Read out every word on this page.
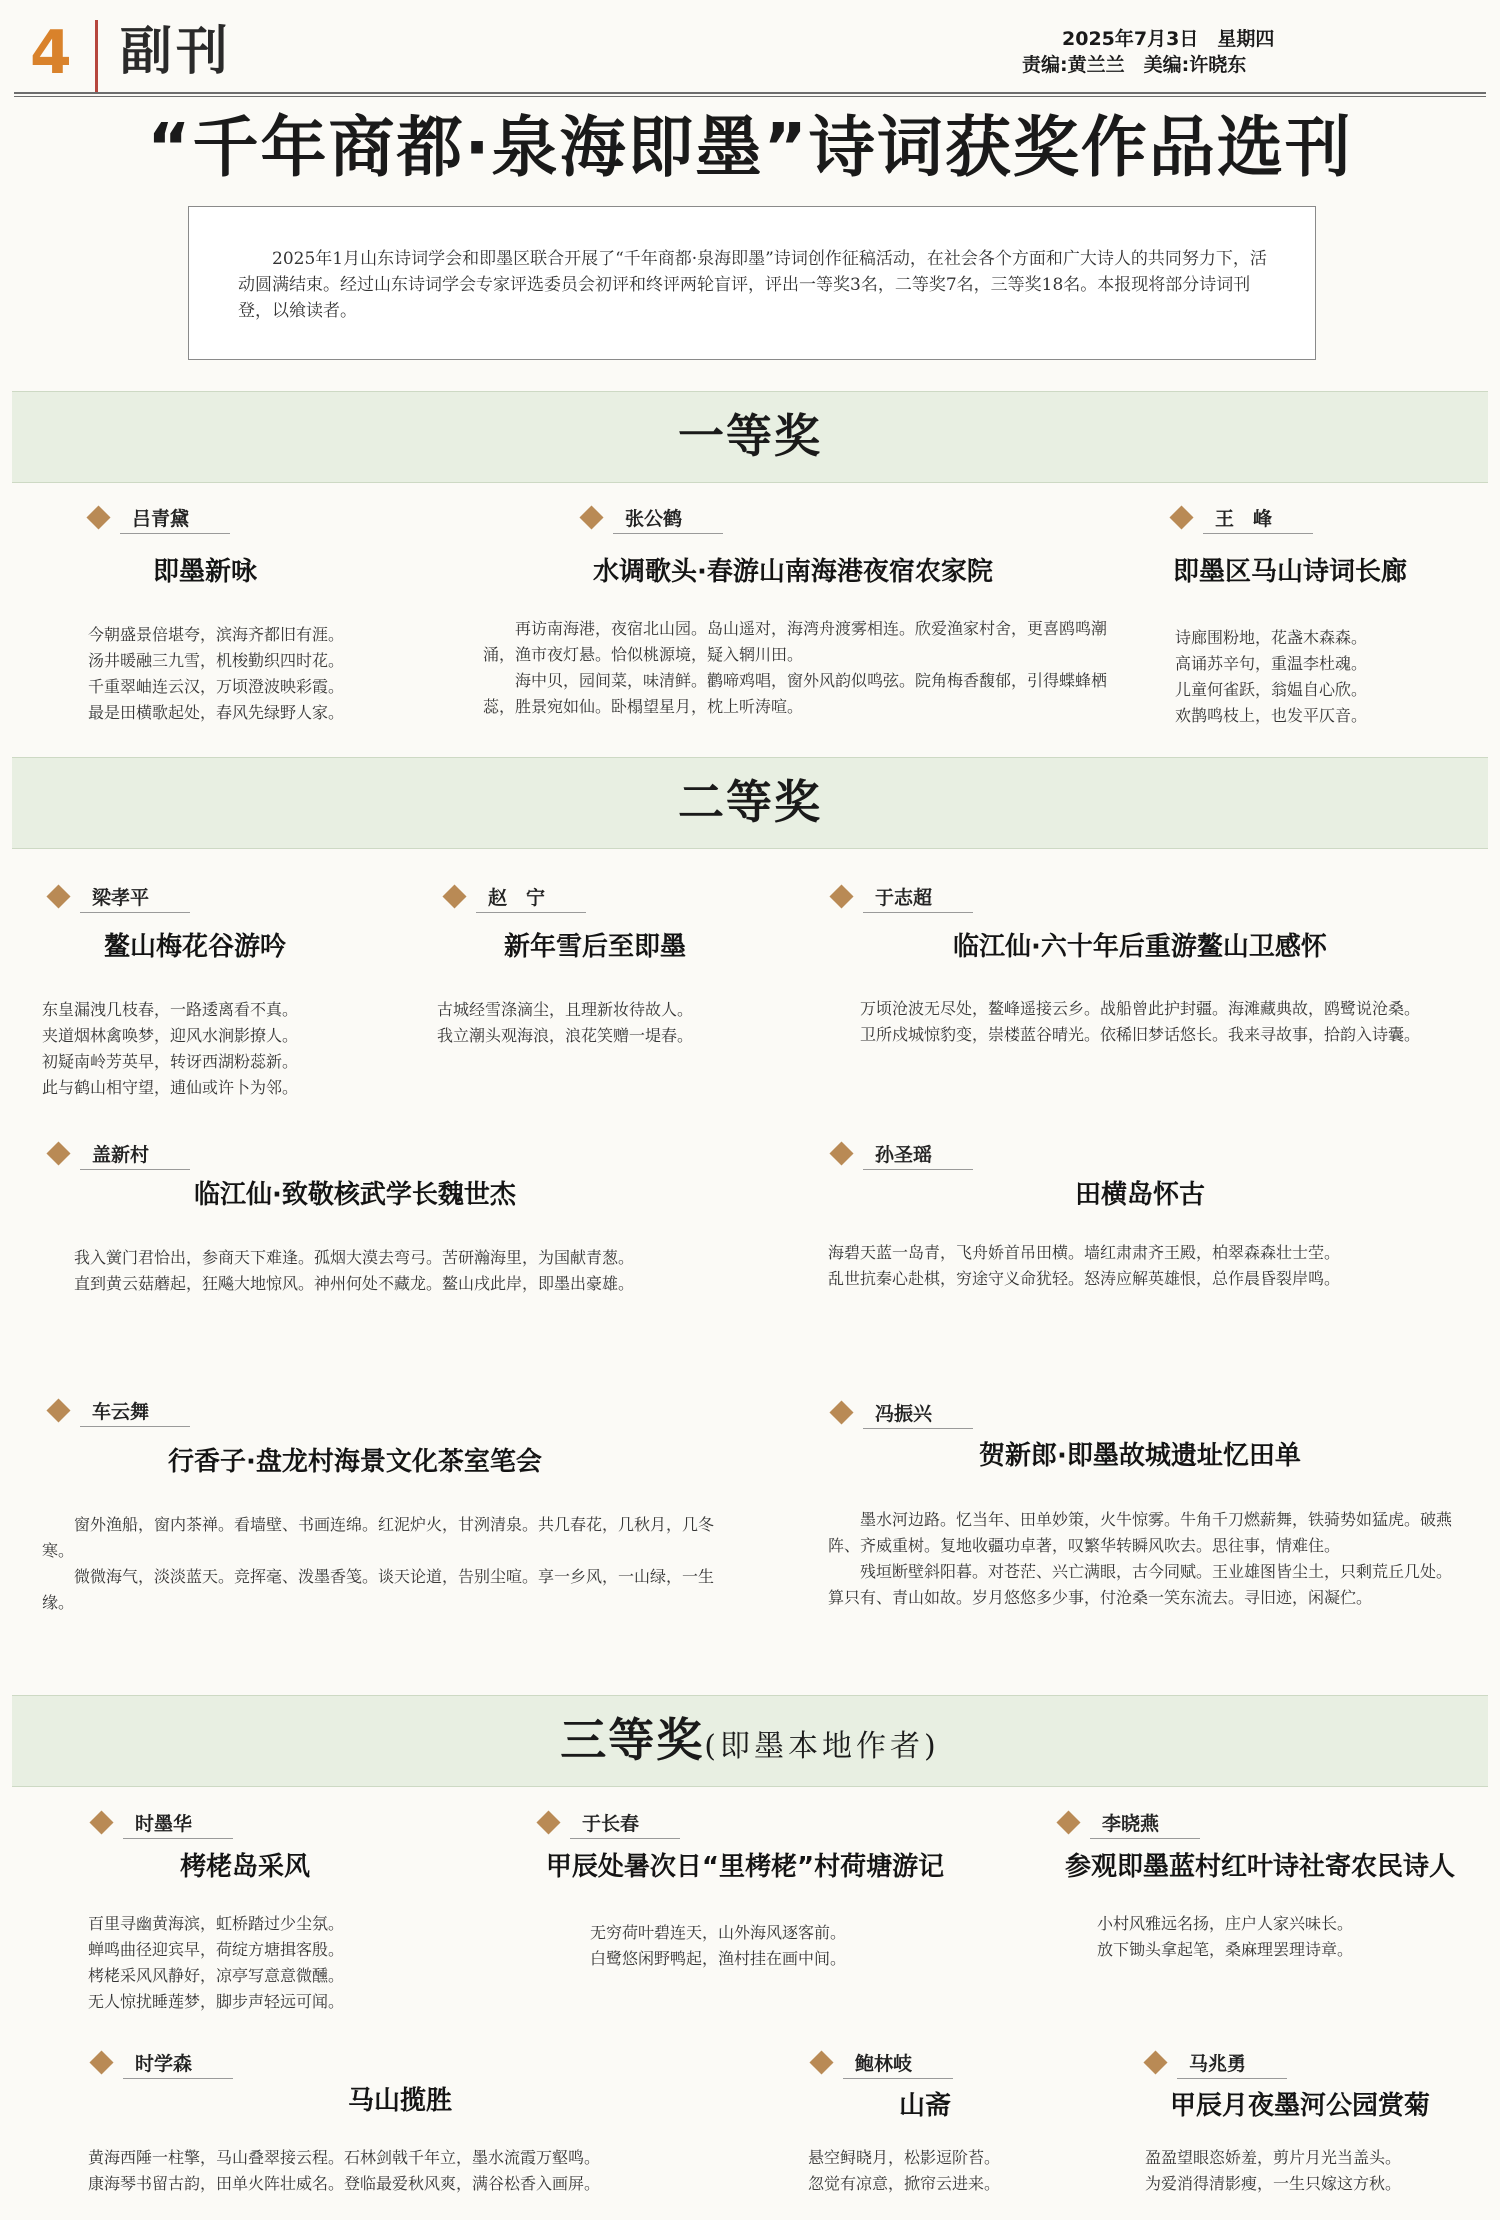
4 副刊	2025年7月3日　星期四
责编:黄兰兰　美编:许晓东
“千年商都·泉海即墨”诗词获奖作品选刊
2025年1月山东诗词学会和即墨区联合开展了“千年商都·泉海即墨”诗词创作征稿活动，在社会各个方面和广大诗人的共同努力下，活动圆满结束。经过山东诗词学会专家评选委员会初评和终评两轮盲评，评出一等奖3名，二等奖7名，三等奖18名。本报现将部分诗词刊登，以飨读者。
一等奖
吕青黛
即墨新咏

今朝盛景倍堪夸，滨海齐都旧有涯。

汤井暖融三九雪，机梭勤织四时花。

千重翠岫连云汉，万顷澄波映彩霞。

最是田横歌起处，春风先绿野人家。

张公鹤
水调歌头·春游山南海港夜宿农家院

再访南海港，夜宿北山园。岛山遥对，海湾舟渡雾相连。欣爱渔家村舍，更喜鸥鸣潮涌，渔市夜灯悬。恰似桃源境，疑入辋川田。

海中贝，园间菜，味清鲜。鹳啼鸡唱，窗外风韵似鸣弦。院角梅香馥郁，引得蝶蜂栖蕊，胜景宛如仙。卧榻望星月，枕上听涛喧。

王　峰
即墨区马山诗词长廊

诗廊围粉地，花盏木森森。

高诵苏辛句，重温李杜魂。

儿童何雀跃，翁媪自心欣。

欢鹊鸣枝上，也发平仄音。

二等奖
梁孝平
鳌山梅花谷游吟

东皇漏洩几枝春，一路逶离看不真。

夹道烟林禽唤梦，迎风水涧影撩人。

初疑南岭芳英早，转讶西湖粉蕊新。

此与鹤山相守望，逋仙或许卜为邻。

赵　宁
新年雪后至即墨

古城经雪涤滴尘，且理新妆待故人。

我立潮头观海浪，浪花笑赠一堤春。

于志超
临江仙·六十年后重游鳌山卫感怀

万顷沧波无尽处，鳌峰遥接云乡。战船曾此护封疆。海滩藏典故，鸥鹭说沧桑。

卫所戍城惊豹变，崇楼蓝谷晴光。依稀旧梦话悠长。我来寻故事，拾韵入诗囊。

盖新村
临江仙·致敬核武学长魏世杰

我入黉门君恰出，参商天下难逢。孤烟大漠去弯弓。苦研瀚海里，为国献青葱。

直到黄云菇蘑起，狂飚大地惊风。神州何处不藏龙。鳌山戌此岸，即墨出豪雄。

孙圣瑶
田横岛怀古

海碧天蓝一岛青，飞舟娇首吊田横。墙红肃肃齐王殿，柏翠森森壮士茔。

乱世抗秦心赴棋，穷途守义命犹轻。怒涛应解英雄恨，总作晨昏裂岸鸣。

车云舞
行香子·盘龙村海景文化茶室笔会

窗外渔船，窗内茶禅。看墙壁、书画连绵。红泥炉火，甘洌清泉。共几春花，几秋月，几冬寒。

微微海气，淡淡蓝天。竞挥毫、泼墨香笺。谈天论道，告别尘喧。享一乡风，一山绿，一生缘。

冯振兴
贺新郎·即墨故城遗址忆田单

墨水河边路。忆当年、田单妙策，火牛惊雾。牛角千刀燃薪舞，铁骑势如猛虎。破燕阵、齐威重树。复地收疆功卓著，叹繁华转瞬风吹去。思往事，情难住。

残垣断壁斜阳暮。对苍茫、兴亡满眼，古今同赋。王业雄图皆尘土，只剩荒丘几处。算只有、青山如故。岁月悠悠多少事，付沧桑一笑东流去。寻旧迹，闲凝伫。

三等奖(即墨本地作者)
时墨华
栲栳岛采风

百里寻幽黄海滨，虹桥踏过少尘氛。

蝉鸣曲径迎宾早，荷绽方塘揖客殷。

栲栳采风风静好，凉亭写意意微醺。

无人惊扰睡莲梦，脚步声轻远可闻。

于长春
甲辰处暑次日“里栲栳”村荷塘游记

无穷荷叶碧连天，山外海风逐客前。

白鹭悠闲野鸭起，渔村挂在画中间。

李晓燕
参观即墨蓝村红叶诗社寄农民诗人

小村风雅远名扬，庄户人家兴味长。

放下锄头拿起笔，桑麻理罢理诗章。

时学森
马山揽胜

黄海西陲一柱擎，马山叠翠接云程。石林剑戟千年立，墨水流霞万壑鸣。

康海琴书留古韵，田单火阵壮威名。登临最爱秋风爽，满谷松香入画屏。

鲍林岐
山斋

悬空鲟晓月，松影逗阶苔。

忽觉有凉意，掀帘云进来。

马兆勇
甲辰月夜墨河公园赏菊

盈盈望眼恣娇羞，剪片月光当盖头。

为爱消得清影瘦，一生只嫁这方秋。
